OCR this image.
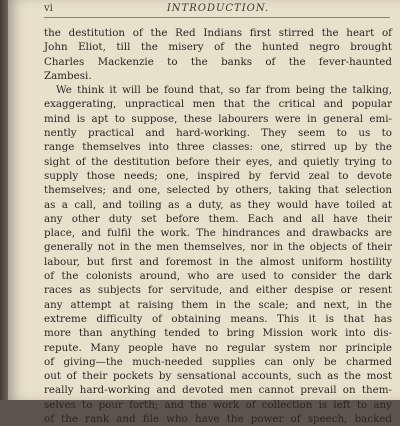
vi	INTRODUCTION.
the destitution of the Red Indians first stirred the heart of
John Eliot, till the misery of the hunted negro brought
Charles Mackenzie to the banks of the fever-haunted
Zambesi.
We think it will be found that, so far from being the talking,
exaggerating, unpractical men that the critical and popular
mind is apt to suppose, these labourers were in general emi-
nently practical and hard-working. They seem to us to
range themselves into three classes: one, stirred up by the
sight of the destitution before their eyes, and quietly trying to
supply those needs; one, inspired by fervid zeal to devote
themselves; and one, selected by others, taking that selection
as a call, and toiling as a duty, as they would have toiled at
any other duty set before them. Each and all have their
place, and fulfil the work. The hindrances and drawbacks are
generally not in the men themselves, nor in the objects of their
labour, but first and foremost in the almost uniform hostility
of the colonists around, who are used to consider the dark
races as subjects for servitude, and either despise or resent
any attempt at raising them in the scale; and next, in the
extreme difficulty of obtaining means. This it is that has
more than anything tended to bring Mission work into dis-
repute. Many people have no regular system nor principle
of giving—the much-needed supplies can only be charmed
out of their pockets by sensational accounts, such as the most
really hard-working and devoted men cannot prevail on them-
selves to pour forth; and the work of collection is left to any
of the rank and file who have the power of speech, backed
